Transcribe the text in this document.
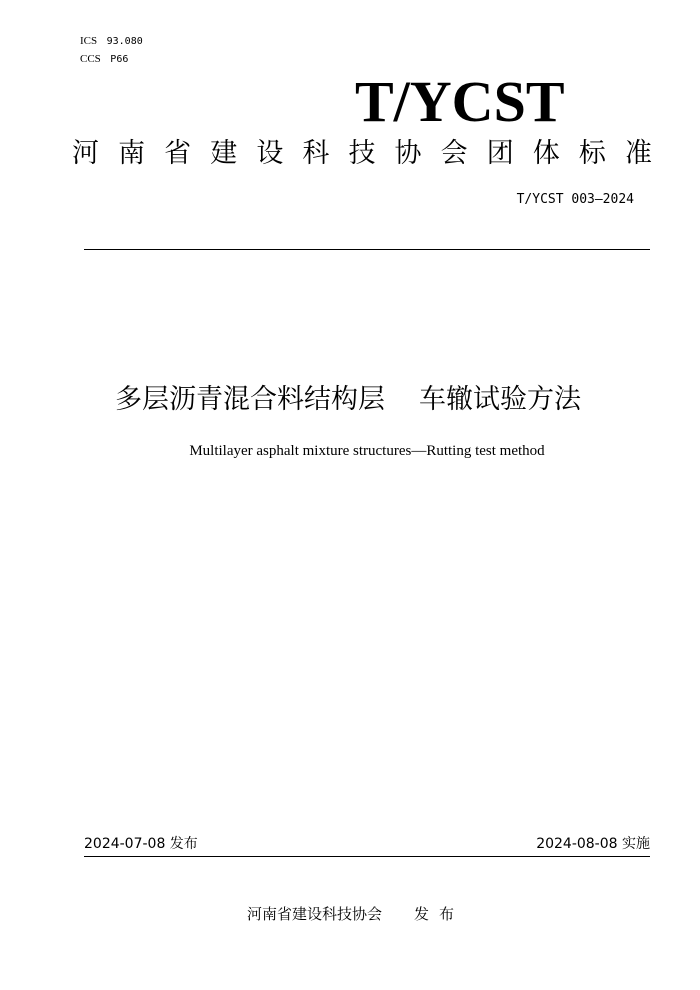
ICS 93.080
CCS P66
T/YCST
河 南 省 建 设 科 技 协 会 团 体 标 准
T/YCST 003—2024
多层沥青混合料结构层 车辙试验方法
Multilayer asphalt mixture structures—Rutting test method
2024-07-08 发布	2024-08-08 实施
河南省建设科技协会 发 布
